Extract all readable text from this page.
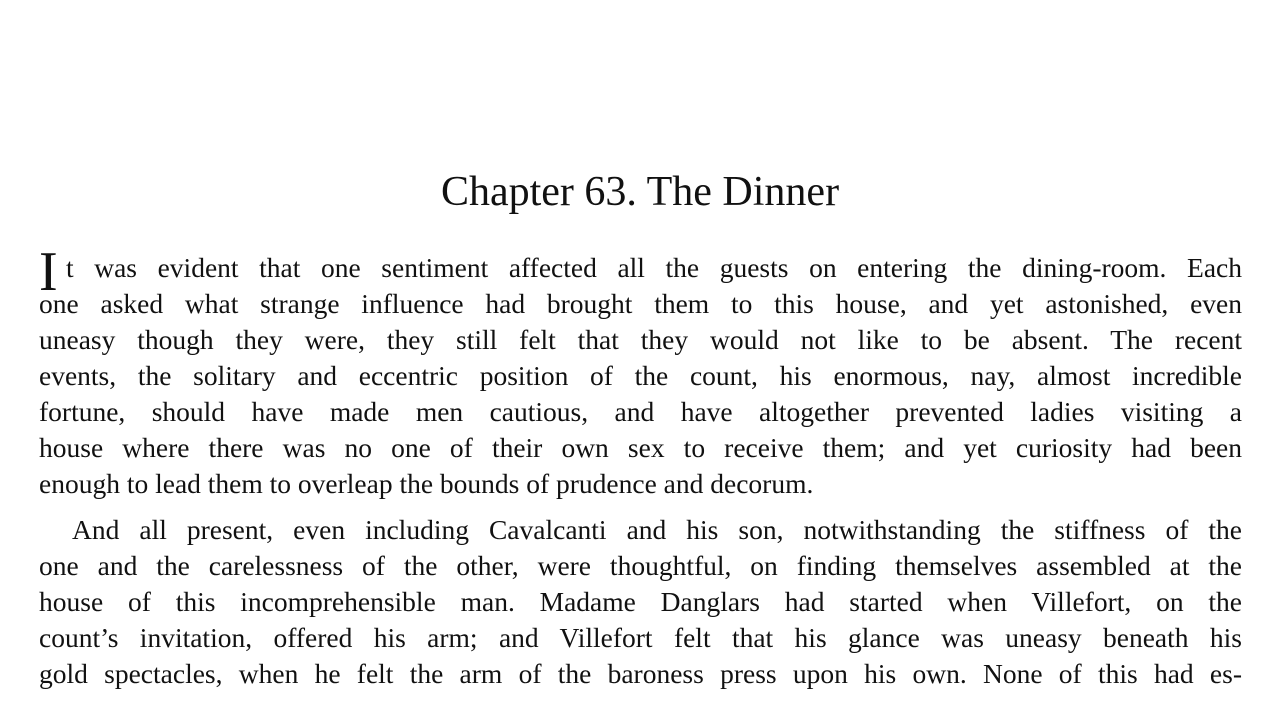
Chapter 63. The Dinner
I t was evident that one sentiment affected all the guests on entering the dining-room. Each
one asked what strange influence had brought them to this house, and yet astonished, even
uneasy though they were, they still felt that they would not like to be absent. The recent
events, the solitary and eccentric position of the count, his enormous, nay, almost incredible
fortune, should have made men cautious, and have altogether prevented ladies visiting a
house where there was no one of their own sex to receive them; and yet curiosity had been
enough to lead them to overleap the bounds of prudence and decorum.
And all present, even including Cavalcanti and his son, notwithstanding the stiffness of the
one and the carelessness of the other, were thoughtful, on finding themselves assembled at the
house of this incomprehensible man. Madame Danglars had started when Villefort, on the
count’s invitation, offered his arm; and Villefort felt that his glance was uneasy beneath his
gold spectacles, when he felt the arm of the baroness press upon his own. None of this had es-
